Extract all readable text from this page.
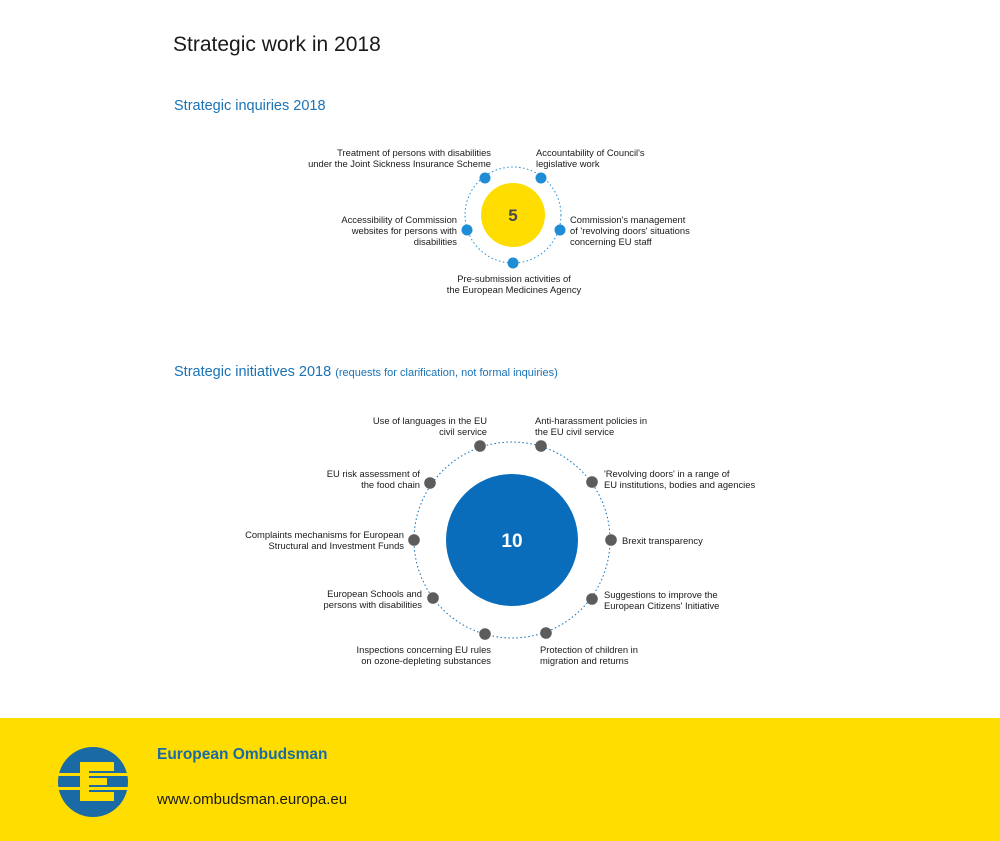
Strategic work in 2018
Strategic inquiries 2018
Strategic initiatives 2018 (requests for clarification, not formal inquiries)
5
10
Treatment of persons with disabilities
under the Joint Sickness Insurance Scheme
Accountability of Council's
legislative work
Commission's management
of 'revolving doors' situations
concerning EU staff
Pre-submission activities of
the European Medicines Agency
Accessibility of Commission
websites for persons with
disabilities
Use of languages in the EU
civil service
Anti-harassment policies in
the EU civil service
'Revolving doors' in a range of
EU institutions, bodies and agencies
Brexit transparency
Suggestions to improve the
European Citizens' Initiative
Protection of children in
migration and returns
Inspections concerning EU rules
on ozone-depleting substances
European Schools and
persons with disabilities
Complaints mechanisms for European
Structural and Investment Funds
EU risk assessment of
the food chain
European Ombudsman
www.ombudsman.europa.eu
